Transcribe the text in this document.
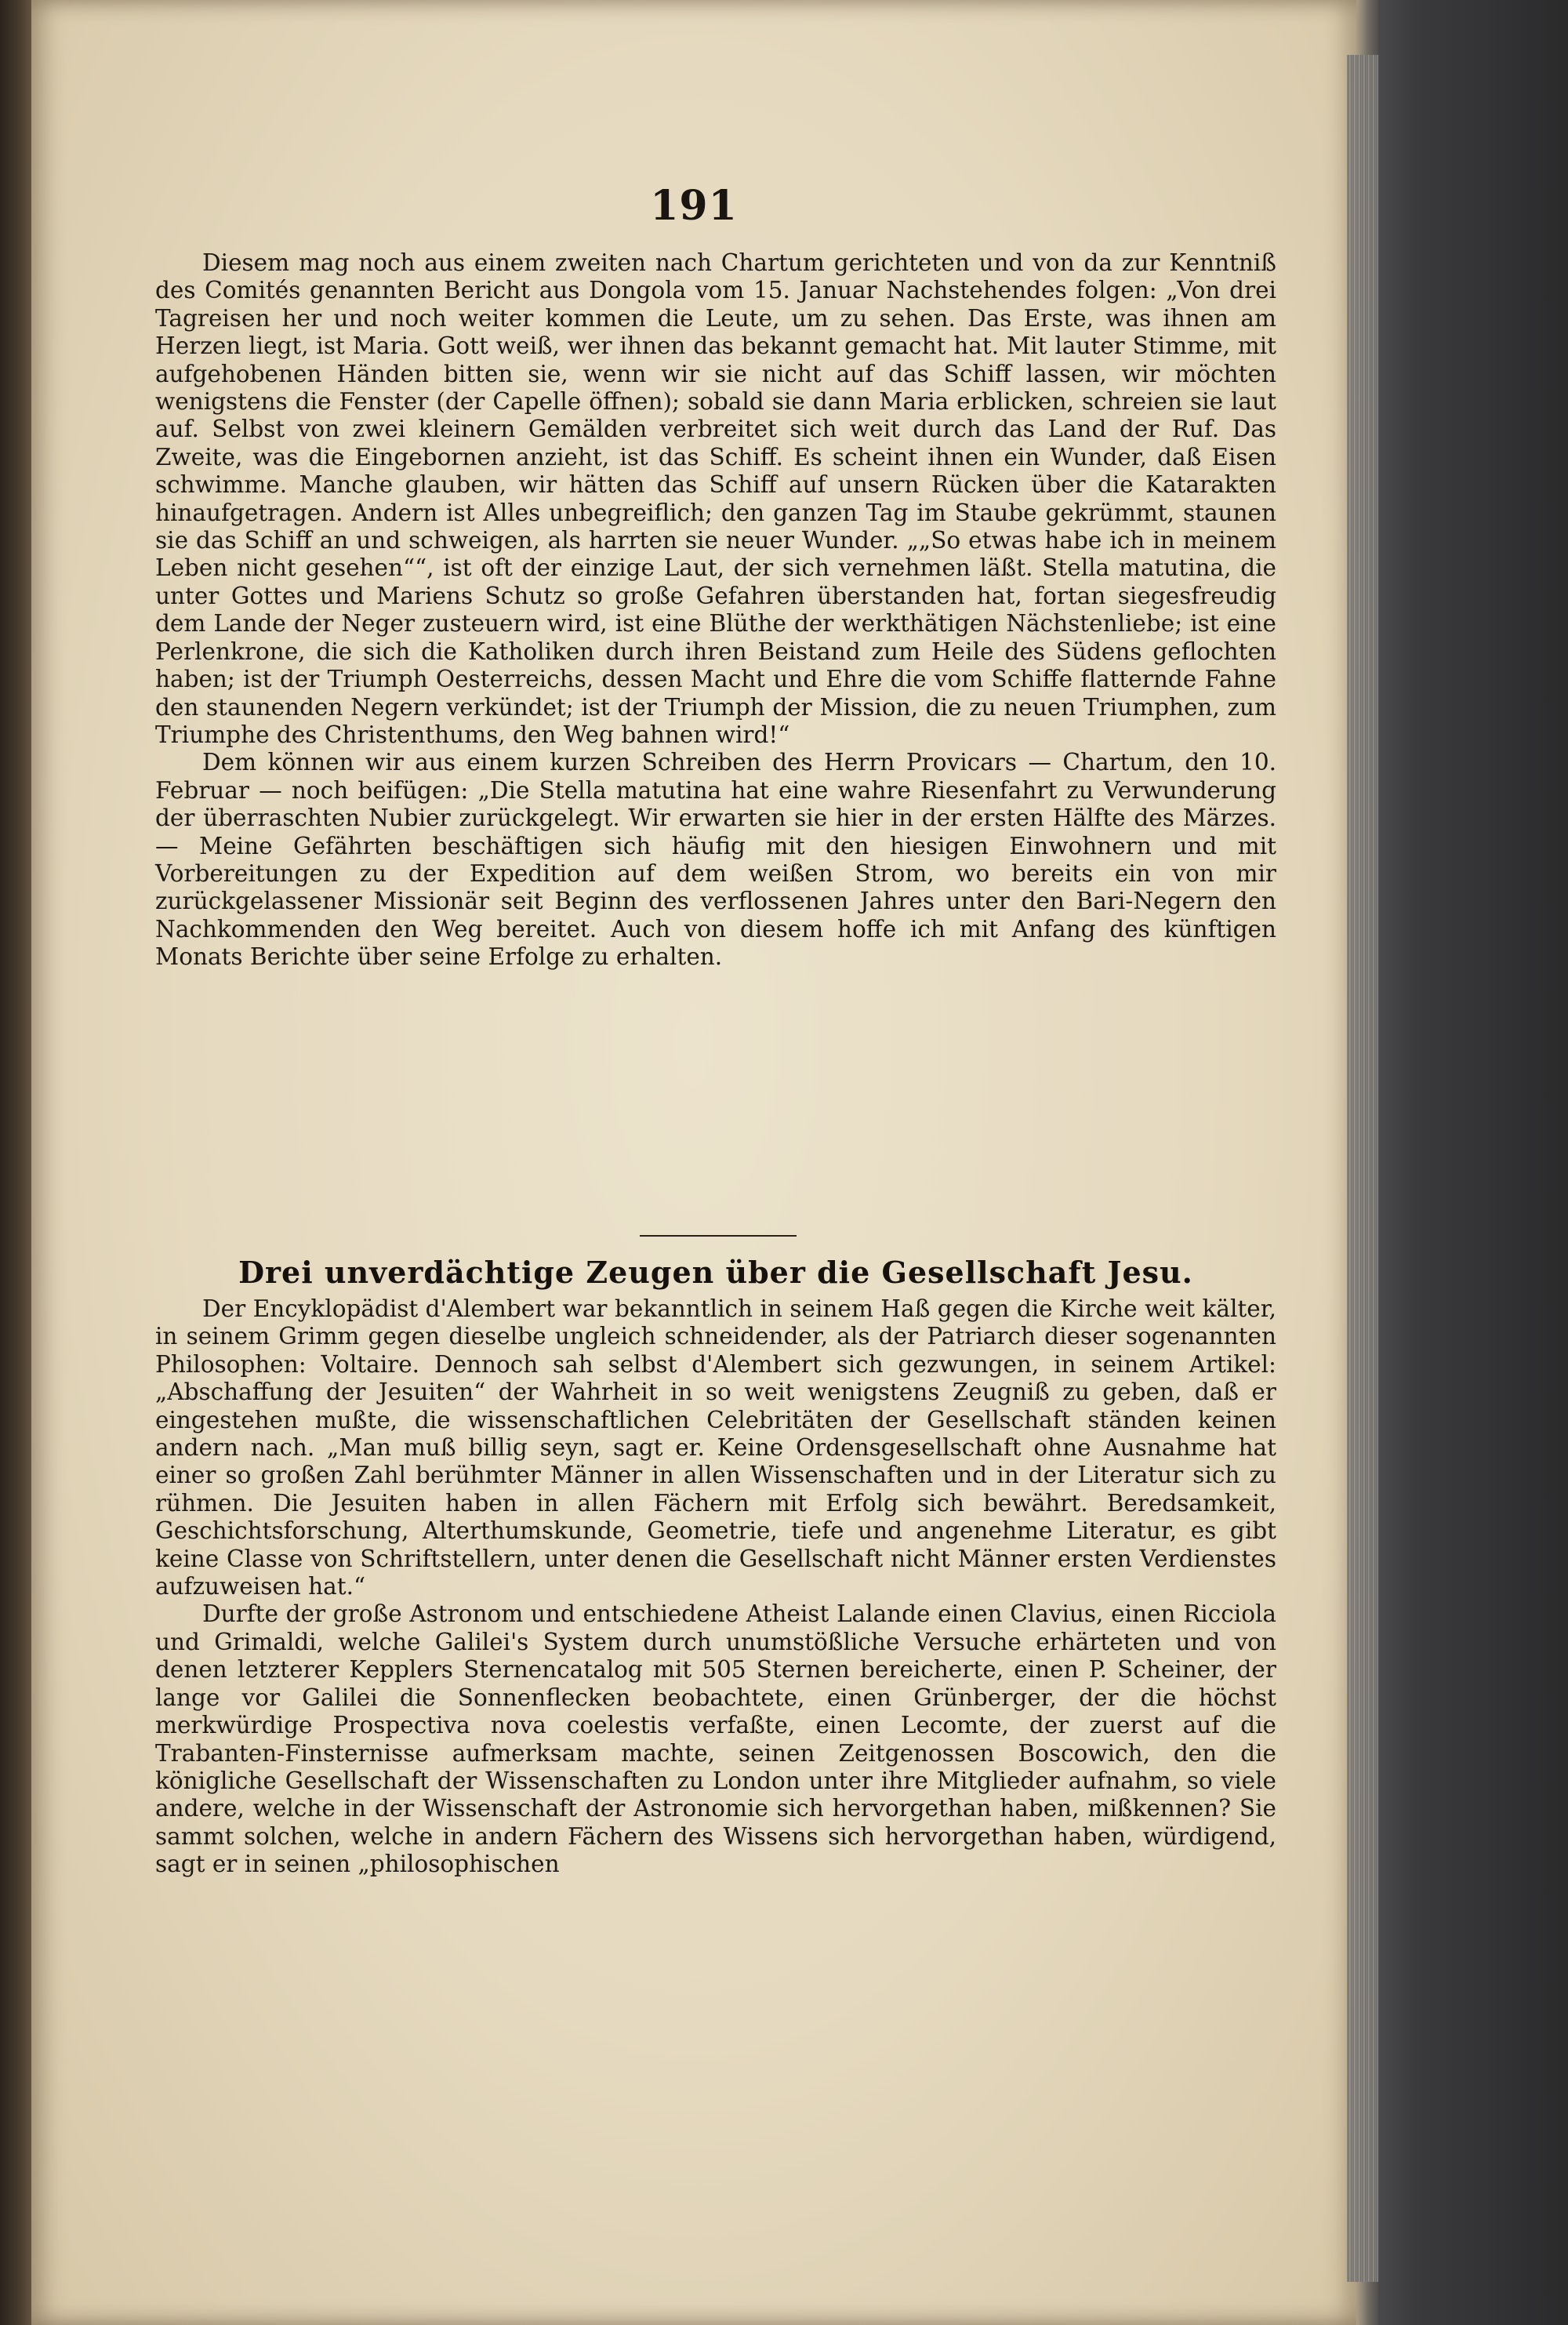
191

Diesem mag noch aus einem zweiten nach Chartum gerichteten und von da zur Kenntniß des Comités genannten Bericht aus Dongola vom 15. Januar Nachstehendes folgen: „Von drei Tagreisen her und noch weiter kommen die Leute, um zu sehen. Das Erste, was ihnen am Herzen liegt, ist Maria. Gott weiß, wer ihnen das bekannt gemacht hat. Mit lauter Stimme, mit aufgehobenen Händen bitten sie, wenn wir sie nicht auf das Schiff lassen, wir möchten wenigstens die Fenster (der Capelle öffnen); sobald sie dann Maria erblicken, schreien sie laut auf. Selbst von zwei kleinern Gemälden verbreitet sich weit durch das Land der Ruf. Das Zweite, was die Eingebornen anzieht, ist das Schiff. Es scheint ihnen ein Wunder, daß Eisen schwimme. Manche glauben, wir hätten das Schiff auf unsern Rücken über die Katarakten hinaufgetragen. Andern ist Alles unbegreiflich; den ganzen Tag im Staube gekrümmt, staunen sie das Schiff an und schweigen, als harrten sie neuer Wunder. „„So etwas habe ich in meinem Leben nicht gesehen““, ist oft der einzige Laut, der sich vernehmen läßt. Stella matutina, die unter Gottes und Mariens Schutz so große Gefahren überstanden hat, fortan siegesfreudig dem Lande der Neger zusteuern wird, ist eine Blüthe der werkthätigen Nächstenliebe; ist eine Perlenkrone, die sich die Katholiken durch ihren Beistand zum Heile des Südens geflochten haben; ist der Triumph Oesterreichs, dessen Macht und Ehre die vom Schiffe flatternde Fahne den staunenden Negern verkündet; ist der Triumph der Mission, die zu neuen Triumphen, zum Triumphe des Christenthums, den Weg bahnen wird!“

Dem können wir aus einem kurzen Schreiben des Herrn Provicars — Chartum, den 10. Februar — noch beifügen: „Die Stella matutina hat eine wahre Riesenfahrt zu Verwunderung der überraschten Nubier zurückgelegt. Wir erwarten sie hier in der ersten Hälfte des Märzes. — Meine Gefährten beschäftigen sich häufig mit den hiesigen Einwohnern und mit Vorbereitungen zu der Expedition auf dem weißen Strom, wo bereits ein von mir zurückgelassener Missionär seit Beginn des verflossenen Jahres unter den Bari-Negern den Nachkommenden den Weg bereitet. Auch von diesem hoffe ich mit Anfang des künftigen Monats Berichte über seine Erfolge zu erhalten.

Drei unverdächtige Zeugen über die Gesellschaft Jesu.

Der Encyklopädist d'Alembert war bekanntlich in seinem Haß gegen die Kirche weit kälter, in seinem Grimm gegen dieselbe ungleich schneidender, als der Patriarch dieser sogenannten Philosophen: Voltaire. Dennoch sah selbst d'Alembert sich gezwungen, in seinem Artikel: „Abschaffung der Jesuiten“ der Wahrheit in so weit wenigstens Zeugniß zu geben, daß er eingestehen mußte, die wissenschaftlichen Celebritäten der Gesellschaft ständen keinen andern nach. „Man muß billig seyn, sagt er. Keine Ordensgesellschaft ohne Ausnahme hat einer so großen Zahl berühmter Männer in allen Wissenschaften und in der Literatur sich zu rühmen. Die Jesuiten haben in allen Fächern mit Erfolg sich bewährt. Beredsamkeit, Geschichtsforschung, Alterthumskunde, Geometrie, tiefe und angenehme Literatur, es gibt keine Classe von Schriftstellern, unter denen die Gesellschaft nicht Männer ersten Verdienstes aufzuweisen hat.“

Durfte der große Astronom und entschiedene Atheist Lalande einen Clavius, einen Ricciola und Grimaldi, welche Galilei's System durch unumstößliche Versuche erhärteten und von denen letzterer Kepplers Sternencatalog mit 505 Sternen bereicherte, einen P. Scheiner, der lange vor Galilei die Sonnenflecken beobachtete, einen Grünberger, der die höchst merkwürdige Prospectiva nova coelestis verfaßte, einen Lecomte, der zuerst auf die Trabanten-Finsternisse aufmerksam machte, seinen Zeitgenossen Boscowich, den die königliche Gesellschaft der Wissenschaften zu London unter ihre Mitglieder aufnahm, so viele andere, welche in der Wissenschaft der Astronomie sich hervorgethan haben, mißkennen? Sie sammt solchen, welche in andern Fächern des Wissens sich hervorgethan haben, würdigend, sagt er in seinen „philosophischen
